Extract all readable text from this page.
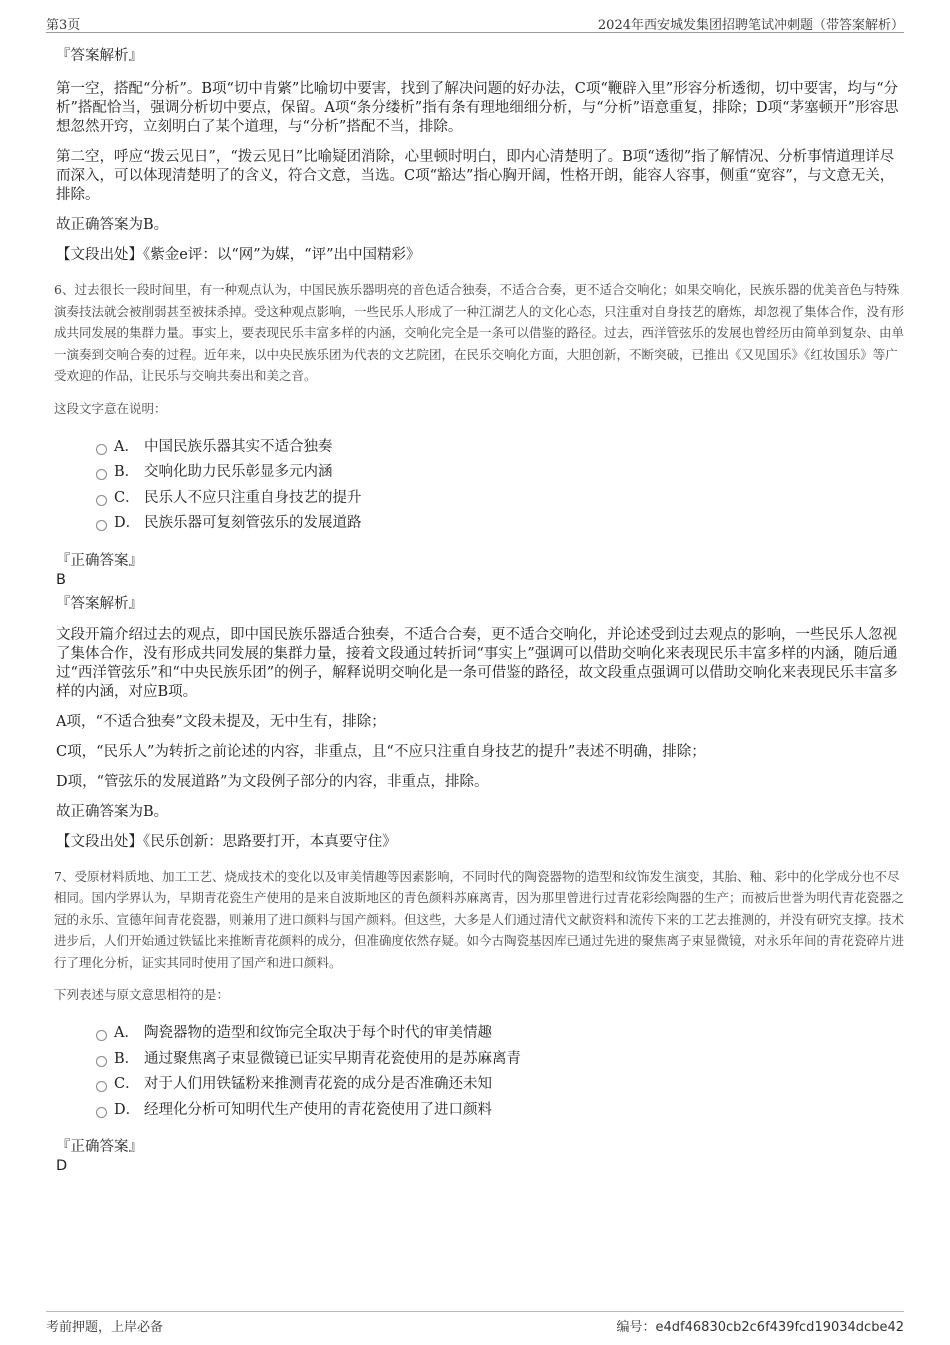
第3页	2024年西安城发集团招聘笔试冲刺题（带答案解析）

『答案解析』

第一空，搭配“分析”。B项“切中肯綮”比喻切中要害，找到了解决问题的好办法，C项“鞭辟入里”形容分析透彻，切中要害，均与“分析”搭配恰当，强调分析切中要点，保留。A项“条分缕析”指有条有理地细细分析，与“分析”语意重复，排除；D项“茅塞顿开”形容思想忽然开窍，立刻明白了某个道理，与“分析”搭配不当，排除。

第二空，呼应“拨云见日”，“拨云见日”比喻疑团消除，心里顿时明白，即内心清楚明了。B项“透彻”指了解情况、分析事情道理详尽而深入，可以体现清楚明了的含义，符合文意，当选。C项“豁达”指心胸开阔，性格开朗，能容人容事，侧重“宽容”，与文意无关，排除。

故正确答案为B。

【文段出处】《紫金e评：以“网”为媒，“评”出中国精彩》

6、过去很长一段时间里，有一种观点认为，中国民族乐器明亮的音色适合独奏，不适合合奏，更不适合交响化；如果交响化，民族乐器的优美音色与特殊演奏技法就会被削弱甚至被抹杀掉。受这种观点影响，一些民乐人形成了一种江湖艺人的文化心态，只注重对自身技艺的磨炼，却忽视了集体合作，没有形成共同发展的集群力量。事实上，要表现民乐丰富多样的内涵，交响化完全是一条可以借鉴的路径。过去，西洋管弦乐的发展也曾经历由简单到复杂、由单一演奏到交响合奏的过程。近年来，以中央民族乐团为代表的文艺院团，在民乐交响化方面，大胆创新，不断突破，已推出《又见国乐》《红妆国乐》等广受欢迎的作品，让民乐与交响共奏出和美之音。

这段文字意在说明：

A． 中国民族乐器其实不适合独奏
B． 交响化助力民乐彰显多元内涵
C． 民乐人不应只注重自身技艺的提升
D． 民族乐器可复刻管弦乐的发展道路

『正确答案』

B

『答案解析』

文段开篇介绍过去的观点，即中国民族乐器适合独奏，不适合合奏，更不适合交响化，并论述受到过去观点的影响，一些民乐人忽视了集体合作，没有形成共同发展的集群力量，接着文段通过转折词“事实上”强调可以借助交响化来表现民乐丰富多样的内涵，随后通过“西洋管弦乐”和“中央民族乐团”的例子，解释说明交响化是一条可借鉴的路径，故文段重点强调可以借助交响化来表现民乐丰富多样的内涵，对应B项。

A项，“不适合独奏”文段未提及，无中生有，排除；

C项，“民乐人”为转折之前论述的内容，非重点，且“不应只注重自身技艺的提升”表述不明确，排除；

D项，“管弦乐的发展道路”为文段例子部分的内容，非重点，排除。

故正确答案为B。

【文段出处】《民乐创新：思路要打开，本真要守住》

7、受原材料质地、加工工艺、烧成技术的变化以及审美情趣等因素影响，不同时代的陶瓷器物的造型和纹饰发生演变，其胎、釉、彩中的化学成分也不尽相同。国内学界认为，早期青花瓷生产使用的是来自波斯地区的青色颜料苏麻离青，因为那里曾进行过青花彩绘陶器的生产；而被后世誉为明代青花瓷器之冠的永乐、宣德年间青花瓷器，则兼用了进口颜料与国产颜料。但这些，大多是人们通过清代文献资料和流传下来的工艺去推测的，并没有研究支撑。技术进步后，人们开始通过铁锰比来推断青花颜料的成分，但准确度依然存疑。如今古陶瓷基因库已通过先进的聚焦离子束显微镜，对永乐年间的青花瓷碎片进行了理化分析，证实其同时使用了国产和进口颜料。

下列表述与原文意思相符的是：

A． 陶瓷器物的造型和纹饰完全取决于每个时代的审美情趣
B． 通过聚焦离子束显微镜已证实早期青花瓷使用的是苏麻离青
C． 对于人们用铁锰粉来推测青花瓷的成分是否准确还未知
D． 经理化分析可知明代生产使用的青花瓷使用了进口颜料

『正确答案』

D

考前押题，上岸必备	编号：e4df46830cb2c6f439fcd19034dcbe42
